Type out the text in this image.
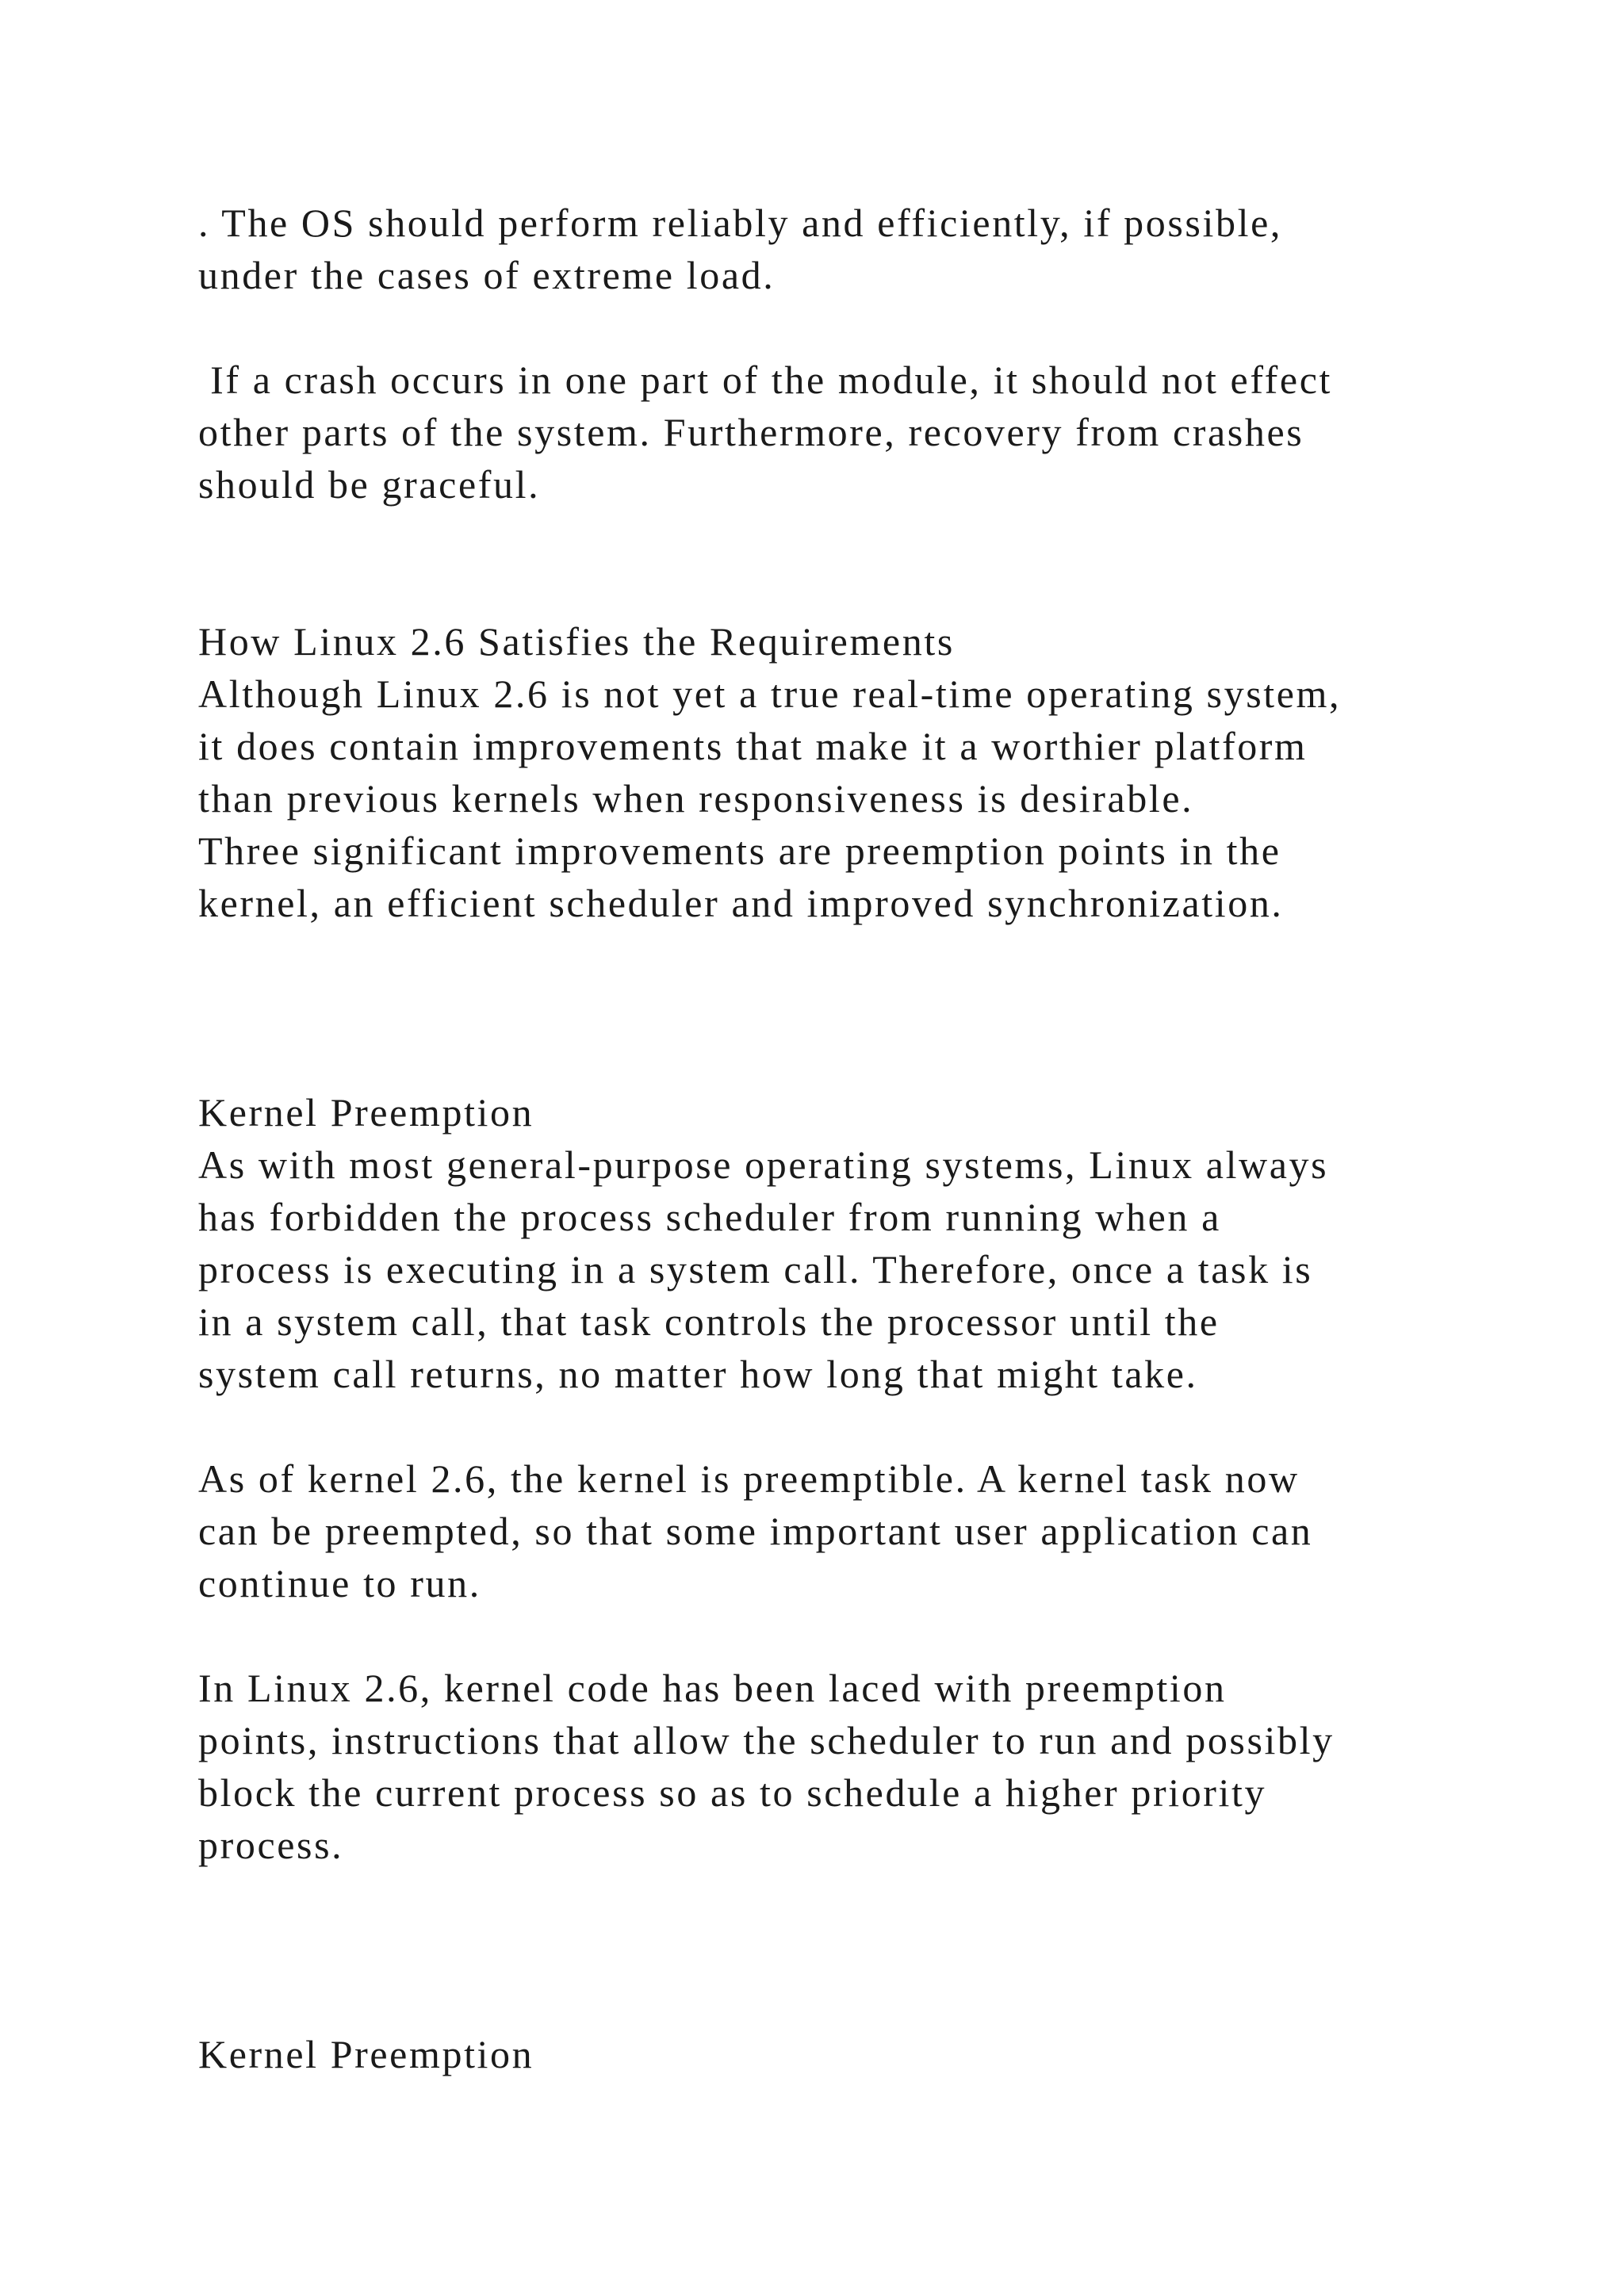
. The OS should perform reliably and efficiently, if possible,

under the cases of extreme load.

If a crash occurs in one part of the module, it should not effect

other parts of the system. Furthermore, recovery from crashes

should be graceful.

How Linux 2.6 Satisfies the Requirements

Although Linux 2.6 is not yet a true real-time operating system,

it does contain improvements that make it a worthier platform

than previous kernels when responsiveness is desirable.

Three significant improvements are preemption points in the

kernel, an efficient scheduler and improved synchronization.

Kernel Preemption

As with most general-purpose operating systems, Linux always

has forbidden the process scheduler from running when a

process is executing in a system call. Therefore, once a task is

in a system call, that task controls the processor until the

system call returns, no matter how long that might take.

As of kernel 2.6, the kernel is preemptible. A kernel task now

can be preempted, so that some important user application can

continue to run.

In Linux 2.6, kernel code has been laced with preemption

points, instructions that allow the scheduler to run and possibly

block the current process so as to schedule a higher priority

process.

Kernel Preemption
